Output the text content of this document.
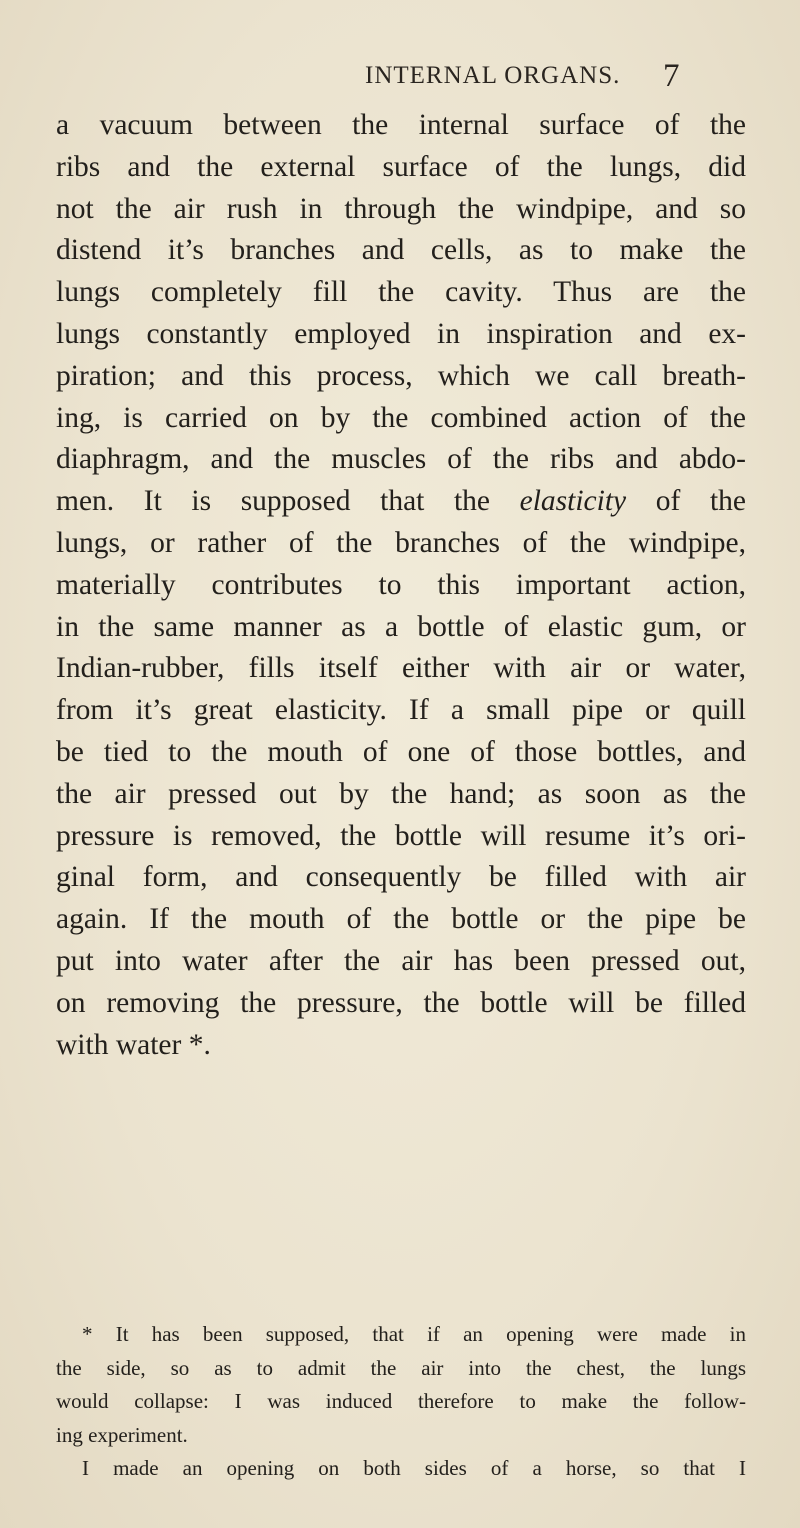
INTERNAL ORGANS. 7
a vacuum between the internal surface of the
ribs and the external surface of the lungs, did
not the air rush in through the windpipe, and so
distend it’s branches and cells, as to make the
lungs completely fill the cavity. Thus are the
lungs constantly employed in inspiration and ex-
piration; and this process, which we call breath-
ing, is carried on by the combined action of the
diaphragm, and the muscles of the ribs and abdo-
men. It is supposed that the elasticity of the
lungs, or rather of the branches of the windpipe,
materially contributes to this important action,
in the same manner as a bottle of elastic gum, or
Indian-rubber, fills itself either with air or water,
from it’s great elasticity. If a small pipe or quill
be tied to the mouth of one of those bottles, and
the air pressed out by the hand; as soon as the
pressure is removed, the bottle will resume it’s ori-
ginal form, and consequently be filled with air
again. If the mouth of the bottle or the pipe be
put into water after the air has been pressed out,
on removing the pressure, the bottle will be filled
with water *.
* It has been supposed, that if an opening were made in
the side, so as to admit the air into the chest, the lungs
would collapse: I was induced therefore to make the follow-
ing experiment.
I made an opening on both sides of a horse, so that I
